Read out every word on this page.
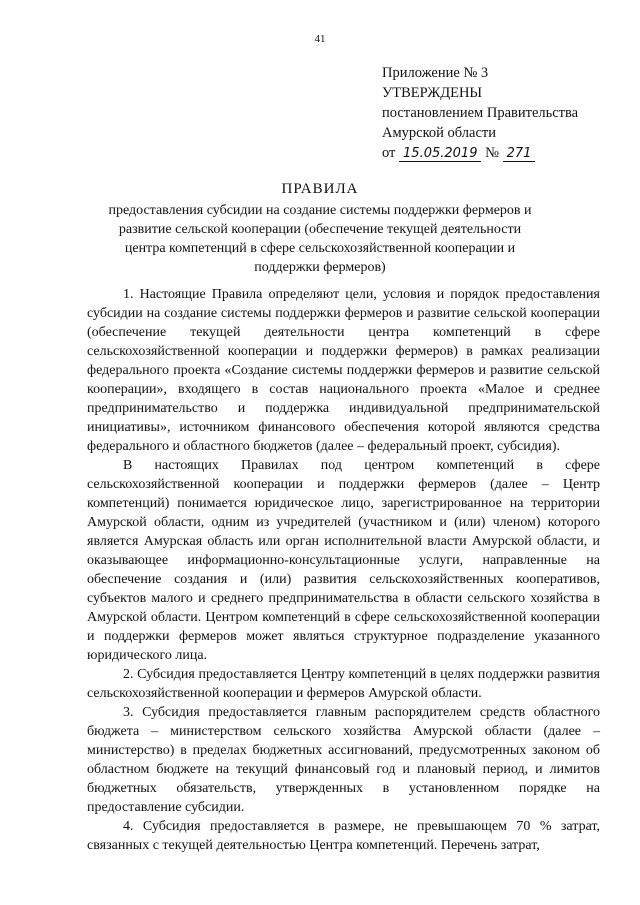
41
Приложение № 3
УТВЕРЖДЕНЫ
постановлением Правительства
Амурской области
от 15.05.2019 № 271
ПРАВИЛА
предоставления субсидии на создание системы поддержки фермеров и развитие сельской кооперации (обеспечение текущей деятельности центра компетенций в сфере сельскохозяйственной кооперации и поддержки фермеров)

1. Настоящие Правила определяют цели, условия и порядок предоставления субсидии на создание системы поддержки фермеров и развитие сельской кооперации (обеспечение текущей деятельности центра компетенций в сфере сельскохозяйственной кооперации и поддержки фермеров) в рамках реализации федерального проекта «Создание системы поддержки фермеров и развитие сельской кооперации», входящего в состав национального проекта «Малое и среднее предпринимательство и поддержка индивидуальной предпринимательской инициативы», источником финансового обеспечения которой являются средства федерального и областного бюджетов (далее – федеральный проект, субсидия).

В настоящих Правилах под центром компетенций в сфере сельскохозяйственной кооперации и поддержки фермеров (далее – Центр компетенций) понимается юридическое лицо, зарегистрированное на территории Амурской области, одним из учредителей (участником и (или) членом) которого является Амурская область или орган исполнительной власти Амурской области, и оказывающее информационно-консультационные услуги, направленные на обеспечение создания и (или) развития сельскохозяйственных кооперативов, субъектов малого и среднего предпринимательства в области сельского хозяйства в Амурской области. Центром компетенций в сфере сельскохозяйственной кооперации и поддержки фермеров может являться структурное подразделение указанного юридического лица.

2. Субсидия предоставляется Центру компетенций в целях поддержки развития сельскохозяйственной кооперации и фермеров Амурской области.

3. Субсидия предоставляется главным распорядителем средств областного бюджета – министерством сельского хозяйства Амурской области (далее – министерство) в пределах бюджетных ассигнований, предусмотренных законом об областном бюджете на текущий финансовый год и плановый период, и лимитов бюджетных обязательств, утвержденных в установленном порядке на предоставление субсидии.

4. Субсидия предоставляется в размере, не превышающем 70 % затрат, связанных с текущей деятельностью Центра компетенций. Перечень затрат,
